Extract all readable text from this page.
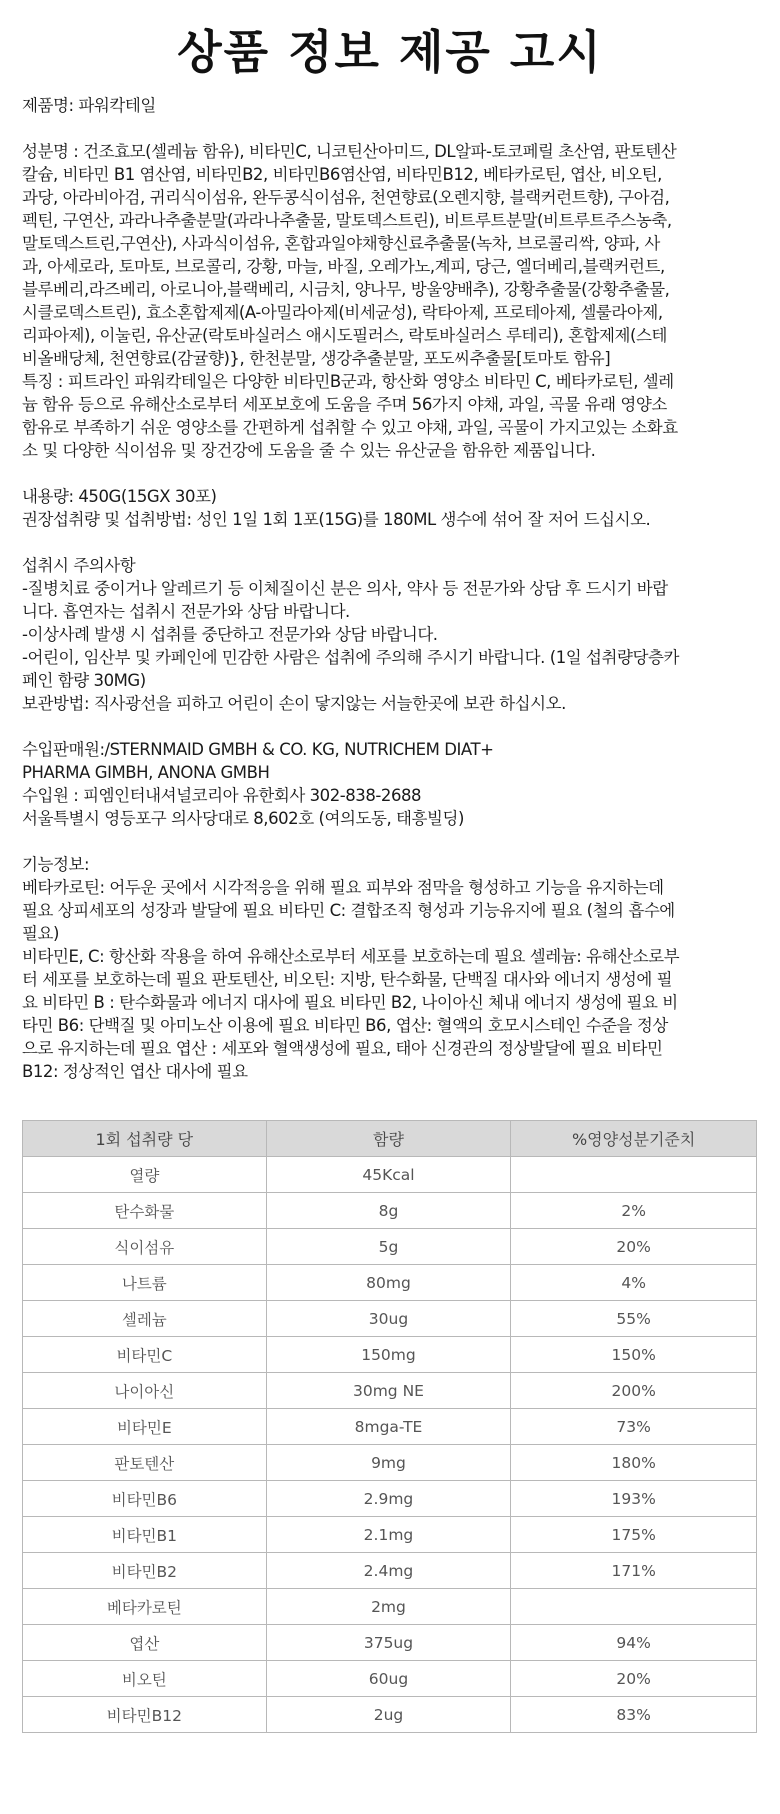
상품 정보 제공 고시

제품명: 파워칵테일

성분명 : 건조효모(셀레늄 함유), 비타민C, 니코틴산아미드, DL알파-토코페릴 초산염, 판토텐산

칼슘, 비타민 B1 염산염, 비타민B2, 비타민B6염산염, 비타민B12, 베타카로틴, 엽산, 비오틴,

과당, 아라비아검, 귀리식이섬유, 완두콩식이섬유, 천연향료(오렌지향, 블랙커런트향), 구아검,

펙틴, 구연산, 과라나추출분말(과라나추출물, 말토덱스트린), 비트루트분말(비트루트주스농축,

말토덱스트린,구연산), 사과식이섬유, 혼합과일야채향신료추출물(녹차, 브로콜리싹, 양파, 사

과, 아세로라, 토마토, 브로콜리, 강황, 마늘, 바질, 오레가노,계피, 당근, 엘더베리,블랙커런트,

블루베리,라즈베리, 아로니아,블랙베리, 시금치, 양나무, 방울양배추), 강황추출물(강황추출물,

시클로덱스트린), 효소혼합제제(A-아밀라아제(비세균성), 락타아제, 프로테아제, 셀룰라아제,

리파아제), 이눌린, 유산균(락토바실러스 애시도필러스, 락토바실러스 루테리), 혼합제제(스테

비올배당체, 천연향료(감귤향)}, 한천분말, 생강추출분말, 포도씨추출물[토마토 함유]

특징 : 피트라인 파워칵테일은 다양한 비타민B군과, 항산화 영양소 비타민 C, 베타카로틴, 셀레

늄 함유 등으로 유해산소로부터 세포보호에 도움을 주며 56가지 야채, 과일, 곡물 유래 영양소

함유로 부족하기 쉬운 영양소를 간편하게 섭취할 수 있고 야채, 과일, 곡물이 가지고있는 소화효

소 및 다양한 식이섬유 및 장건강에 도움을 줄 수 있는 유산균을 함유한 제품입니다.

내용량: 450G(15GX 30포)

권장섭취량 및 섭취방법: 성인 1일 1회 1포(15G)를 180ML 생수에 섞어 잘 저어 드십시오.

섭취시 주의사항

-질병치료 중이거나 알레르기 등 이체질이신 분은 의사, 약사 등 전문가와 상담 후 드시기 바랍

니다. 흡연자는 섭취시 전문가와 상담 바랍니다.

-이상사례 발생 시 섭취를 중단하고 전문가와 상담 바랍니다.

-어린이, 임산부 및 카페인에 민감한 사람은 섭취에 주의해 주시기 바랍니다. (1일 섭취량당층카

페인 함량 30MG)

보관방법: 직사광선을 피하고 어린이 손이 닿지않는 서늘한곳에 보관 하십시오.

수입판매원:/STERNMAID GMBH & CO. KG, NUTRICHEM DIAT+

PHARMA GIMBH, ANONA GMBH

수입원 : 피엠인터내셔널코리아 유한회사 302-838-2688

서울특별시 영등포구 의사당대로 8,602호 (여의도동, 태흥빌딩)

기능정보:

베타카로틴: 어두운 곳에서 시각적응을 위해 필요 피부와 점막을 형성하고 기능을 유지하는데

필요 상피세포의 성장과 발달에 필요 비타민 C: 결합조직 형성과 기능유지에 필요 (철의 흡수에

필요)

비타민E, C: 항산화 작용을 하여 유해산소로부터 세포를 보호하는데 필요 셀레늄: 유해산소로부

터 세포를 보호하는데 필요 판토텐산, 비오틴: 지방, 탄수화물, 단백질 대사와 에너지 생성에 필

요 비타민 B : 탄수화물과 에너지 대사에 필요 비타민 B2, 나이아신 체내 에너지 생성에 필요 비

타민 B6: 단백질 및 아미노산 이용에 필요 비타민 B6, 엽산: 혈액의 호모시스테인 수준을 정상

으로 유지하는데 필요 엽산 : 세포와 혈액생성에 필요, 태아 신경관의 정상발달에 필요 비타민

B12: 정상적인 엽산 대사에 필요

1회 섭취량 당	함량	%영양성분기준치
열량	45Kcal	
탄수화물	8g	2%
식이섬유	5g	20%
나트륨	80mg	4%
셀레늄	30ug	55%
비타민C	150mg	150%
나이아신	30mg NE	200%
비타민E	8mga-TE	73%
판토텐산	9mg	180%
비타민B6	2.9mg	193%
비타민B1	2.1mg	175%
비타민B2	2.4mg	171%
베타카로틴	2mg	
엽산	375ug	94%
비오틴	60ug	20%
비타민B12	2ug	83%
